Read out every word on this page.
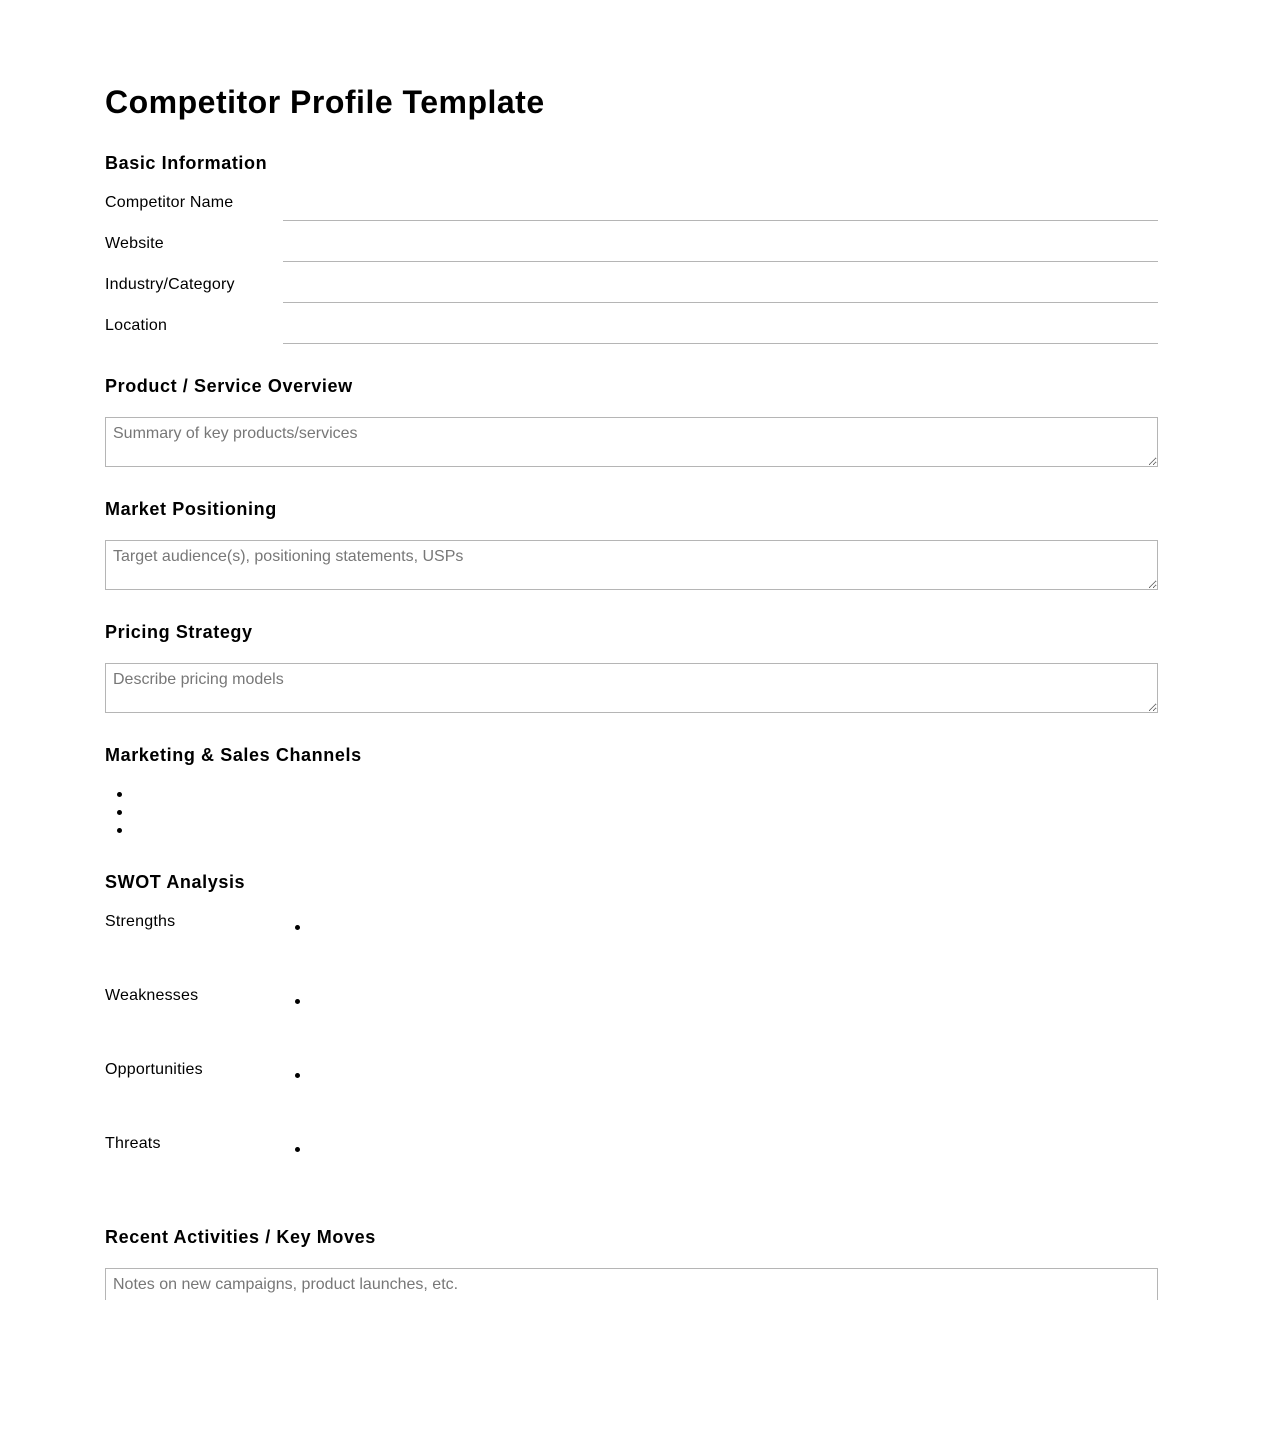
Competitor Profile Template
Basic Information
Competitor Name
Website
Industry/Category
Location
Product / Service Overview
Summary of key products/services
Market Positioning
Target audience(s), positioning statements, USPs
Pricing Strategy
Describe pricing models
Marketing & Sales Channels
SWOT Analysis
Strengths
Weaknesses
Opportunities
Threats
Recent Activities / Key Moves
Notes on new campaigns, product launches, etc.
